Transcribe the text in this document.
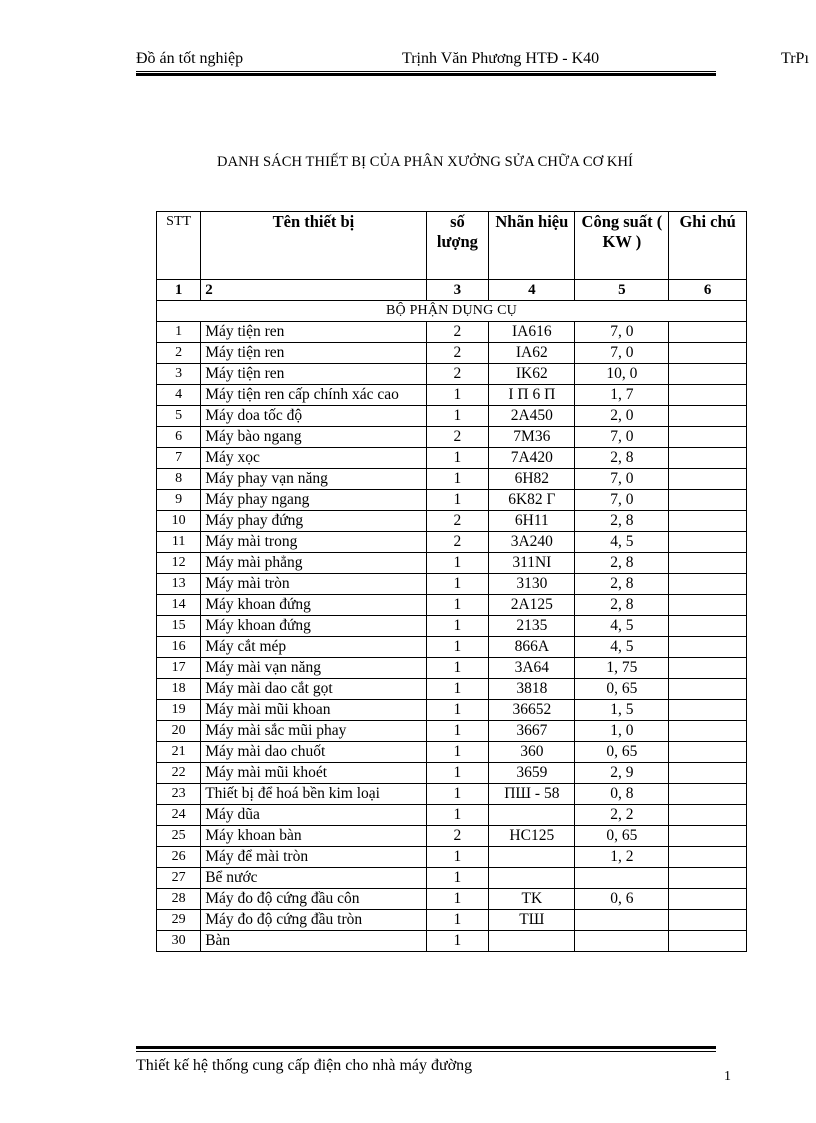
Đồ án tốt nghiệp	Trịnh Văn Phương HTĐ - K40	TrPı
DANH SÁCH THIẾT BỊ CỦA PHÂN XƯỞNG SỬA CHỮA CƠ KHÍ
STT	Tên thiết bị	số lượng	Nhãn hiệu	Công suất ( KW )	Ghi chú
1	2	3	4	5	6
BỘ PHẬN DỤNG CỤ					
1	Máy tiện ren	2	IA616	7, 0	
2	Máy tiện ren	2	IA62	7, 0	
3	Máy tiện ren	2	IK62	10, 0	
4	Máy tiện ren cấp chính xác cao	1	I П 6 П	1, 7	
5	Máy doa tốc độ	1	2A450	2, 0	
6	Máy bào ngang	2	7M36	7, 0	
7	Máy xọc	1	7A420	2, 8	
8	Máy phay vạn năng	1	6H82	7, 0	
9	Máy phay ngang	1	6K82 Γ	7, 0	
10	Máy phay đứng	2	6H11	2, 8	
11	Máy mài trong	2	3A240	4, 5	
12	Máy mài phẳng	1	311NI	2, 8	
13	Máy mài tròn	1	3130	2, 8	
14	Máy khoan đứng	1	2A125	2, 8	
15	Máy khoan đứng	1	2135	4, 5	
16	Máy cắt mép	1	866A	4, 5	
17	Máy mài vạn năng	1	3A64	1, 75	
18	Máy mài dao cắt gọt	1	3818	0, 65	
19	Máy mài mũi khoan	1	36652	1, 5	
20	Máy mài sắc mũi phay	1	3667	1, 0	
21	Máy mài dao chuốt	1	360	0, 65	
22	Máy mài mũi khoét	1	3659	2, 9	
23	Thiết bị để hoá bền kim loại	1	ПШ - 58	0, 8	
24	Máy dũa	1		2, 2	
25	Máy khoan bàn	2	HC125	0, 65	
26	Máy để mài tròn	1		1, 2	
27	Bể nước	1			
28	Máy đo độ cứng đầu côn	1	TK	0, 6	
29	Máy đo độ cứng đầu tròn	1	TШ		
30	Bàn	1			
Thiết kế hệ thống cung cấp điện cho nhà máy đường
1
